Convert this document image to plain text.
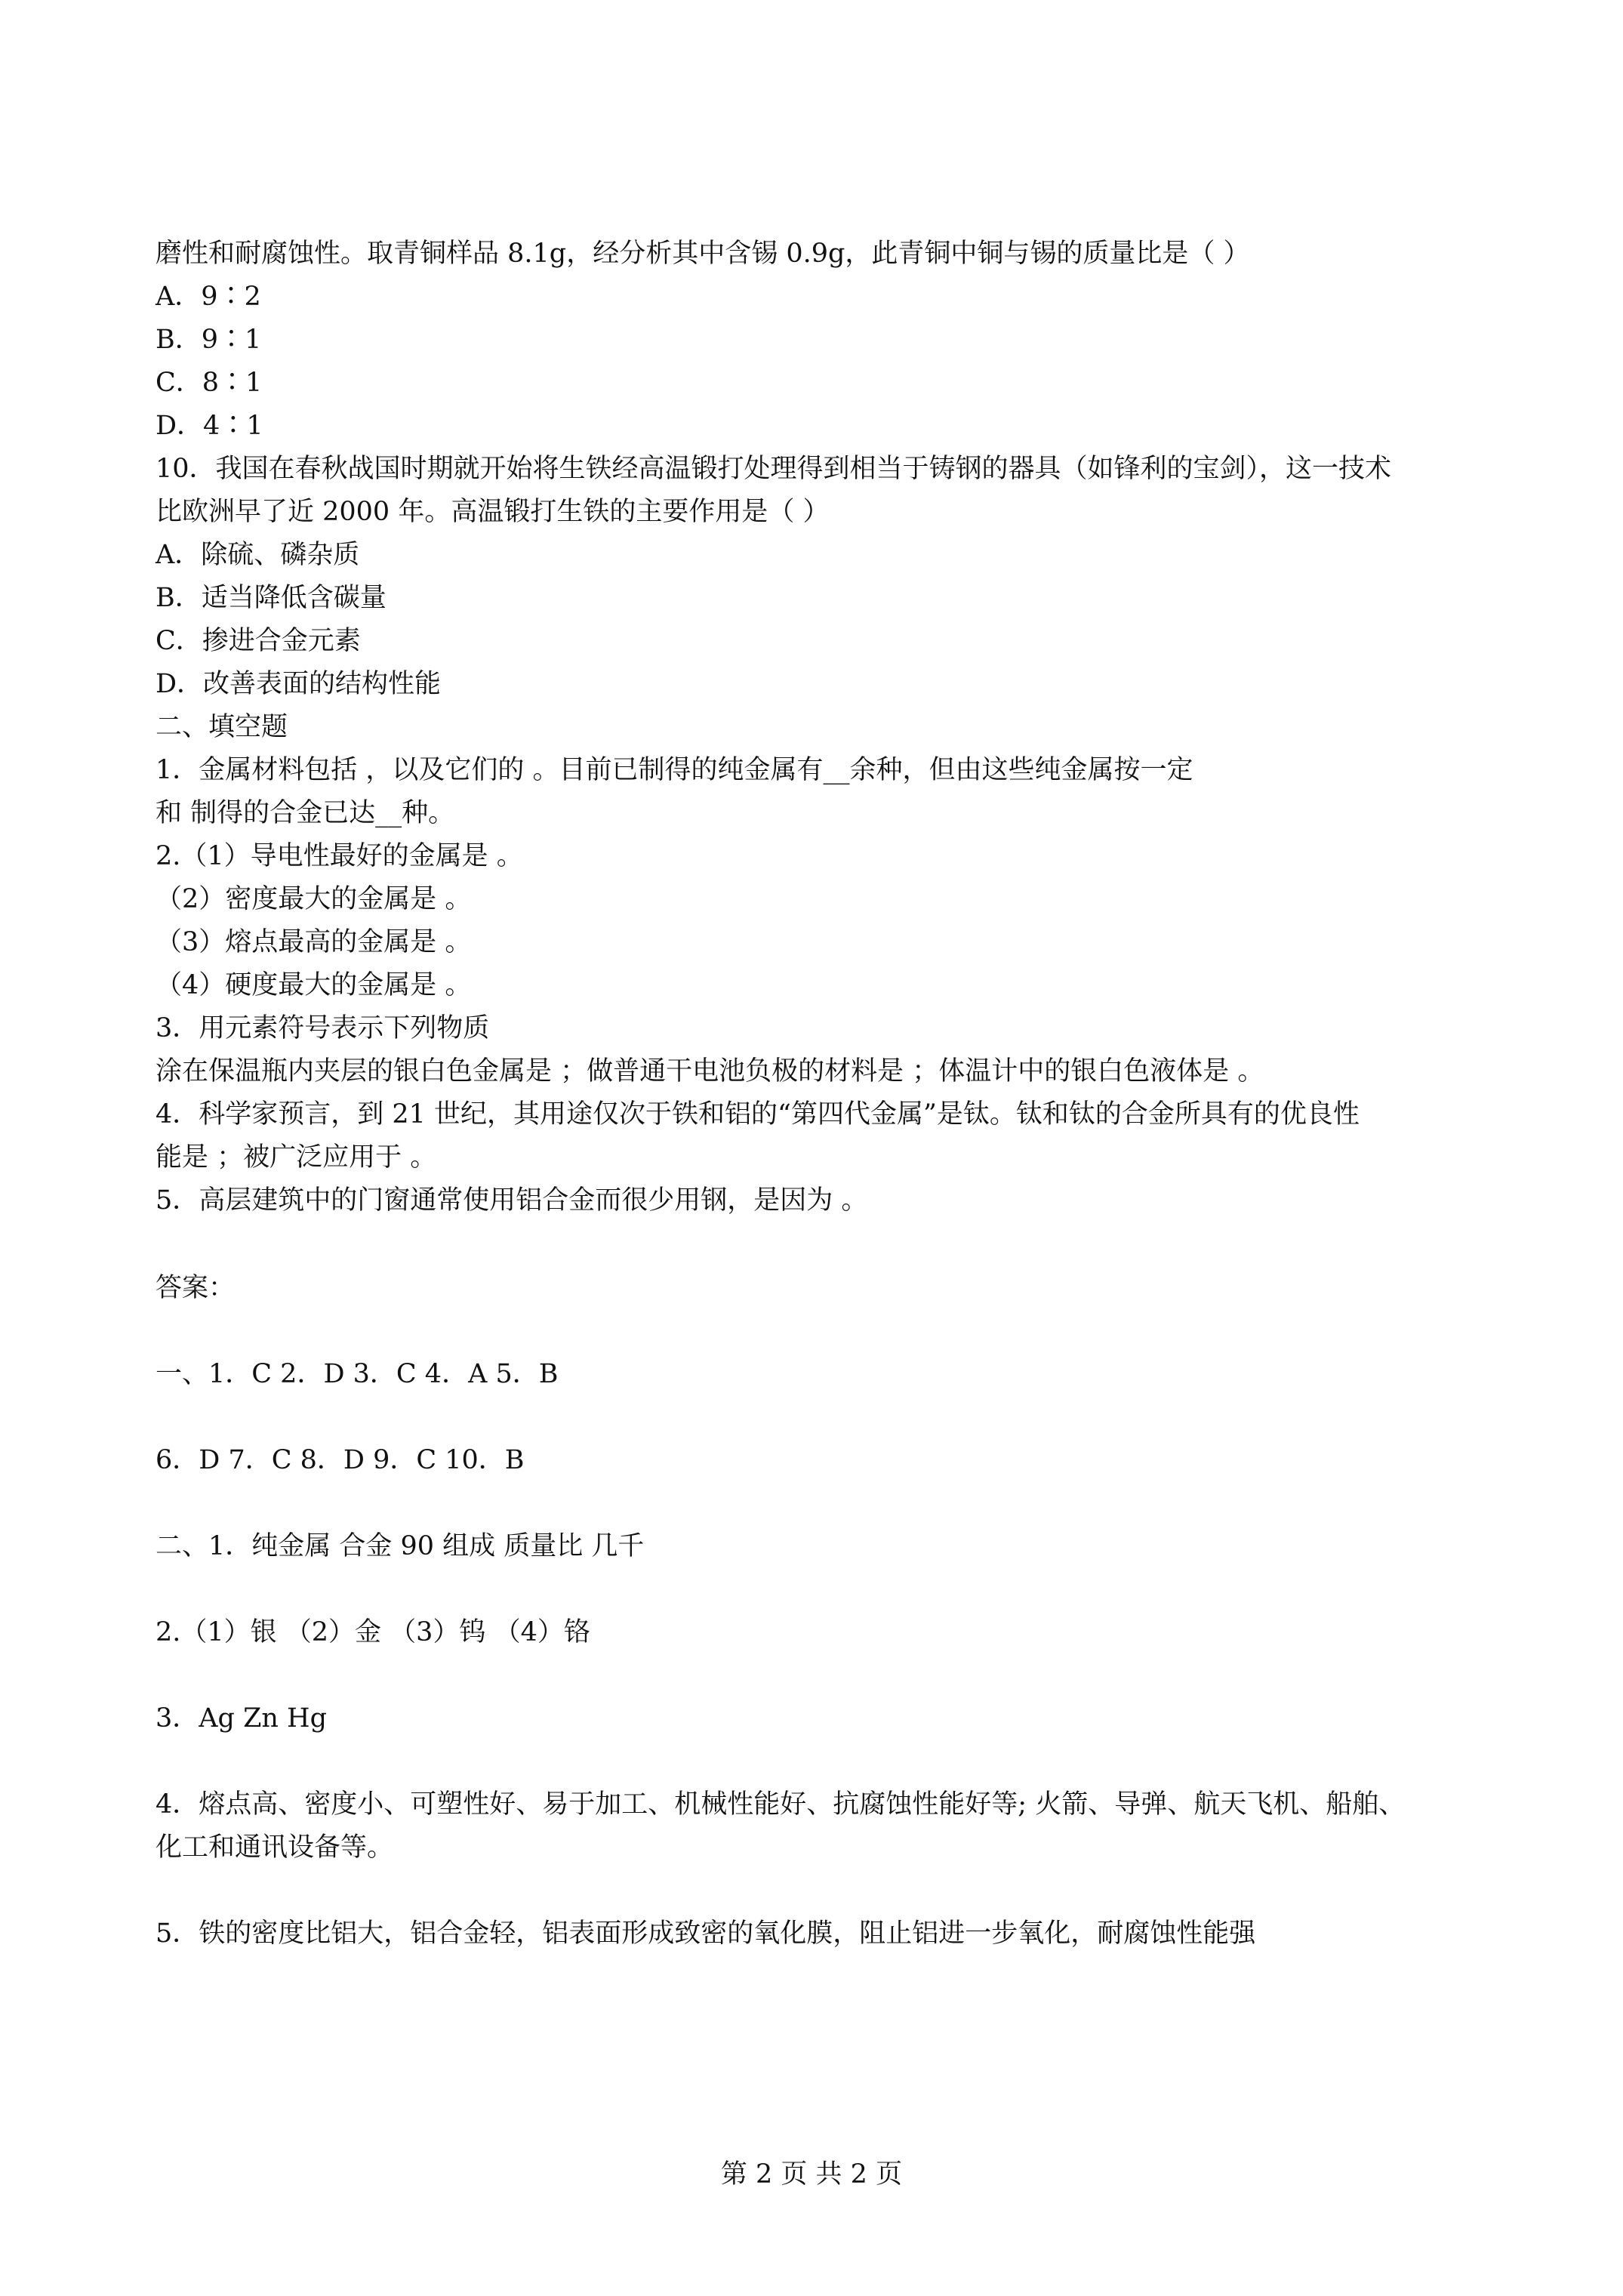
磨性和耐腐蚀性。取青铜样品 8.1g，经分析其中含锡 0.9g，此青铜中铜与锡的质量比是（ ）
A．9∶2
B．9∶1
C．8∶1
D．4∶1
10．我国在春秋战国时期就开始将生铁经高温锻打处理得到相当于铸钢的器具（如锋利的宝剑），这一技术
比欧洲早了近 2000 年。高温锻打生铁的主要作用是（ ）
A．除硫、磷杂质
B．适当降低含碳量
C．掺进合金元素
D．改善表面的结构性能
二、填空题
1．金属材料包括 ，以及它们的 。目前已制得的纯金属有__余种，但由这些纯金属按一定
和 制得的合金已达__种。
2.（1）导电性最好的金属是 。
（2）密度最大的金属是 。
（3）熔点最高的金属是 。
（4）硬度最大的金属是 。
3．用元素符号表示下列物质
涂在保温瓶内夹层的银白色金属是 ；做普通干电池负极的材料是 ；体温计中的银白色液体是 。
4．科学家预言，到 21 世纪，其用途仅次于铁和铝的“第四代金属”是钛。钛和钛的合金所具有的优良性
能是 ；被广泛应用于 。
5．高层建筑中的门窗通常使用铝合金而很少用钢，是因为 。
答案：
一、1．C 2．D 3．C 4．A 5．B
6．D 7．C 8．D 9．C 10．B
二、1．纯金属 合金 90 组成 质量比 几千
2.（1）银 （2）金 （3）钨 （4）铬
3．Ag Zn Hg
4．熔点高、密度小、可塑性好、易于加工、机械性能好、抗腐蚀性能好等; 火箭、导弹、航天飞机、船舶、
化工和通讯设备等。
5．铁的密度比铝大，铝合金轻，铝表面形成致密的氧化膜，阻止铝进一步氧化，耐腐蚀性能强
第 2 页 共 2 页
